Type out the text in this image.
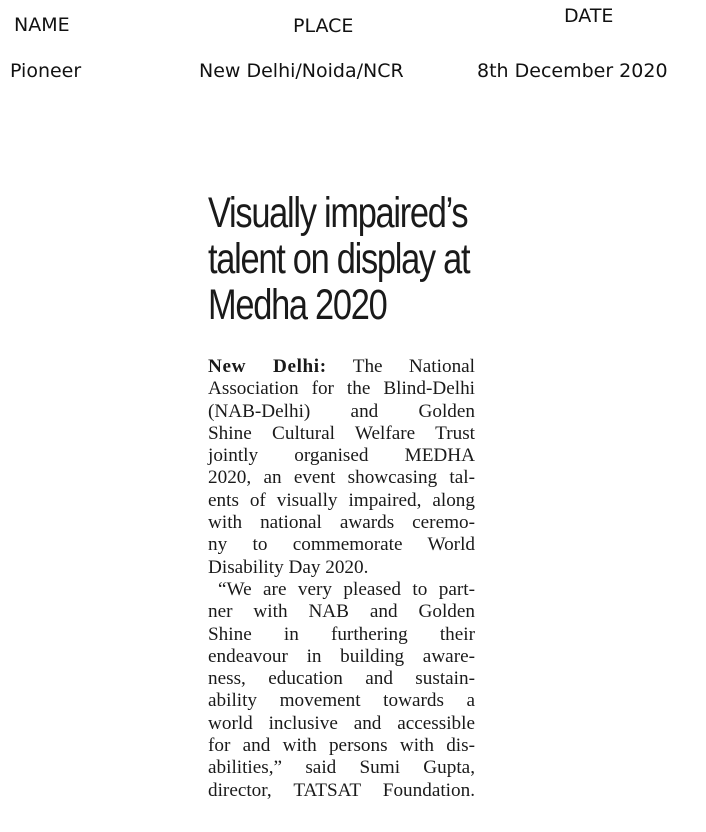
NAME	PLACE	DATE
Pioneer	New Delhi/Noida/NCR	8th December 2020
Visually impaired’s
talent on display at
Medha 2020
New Delhi: The National
Association for the Blind-Delhi
(NAB-Delhi) and Golden
Shine Cultural Welfare Trust
jointly organised MEDHA
2020, an event showcasing tal-
ents of visually impaired, along
with national awards ceremo-
ny to commemorate World
Disability Day 2020.
“We are very pleased to part-
ner with NAB and Golden
Shine in furthering their
endeavour in building aware-
ness, education and sustain-
ability movement towards a
world inclusive and accessible
for and with persons with dis-
abilities,” said Sumi Gupta,
director, TATSAT Foundation.
